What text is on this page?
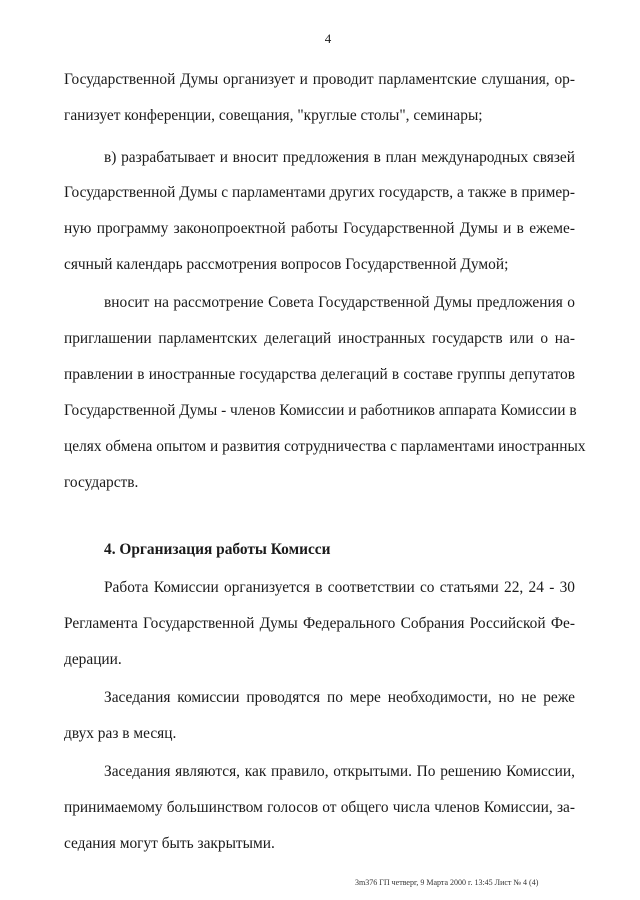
4
Государственной Думы организует и проводит парламентские слушания, ор-
ганизует конференции, совещания, "круглые столы", семинары;
в) разрабатывает и вносит предложения в план международных связей
Государственной Думы с парламентами других государств, а также в пример-
ную программу законопроектной работы Государственной Думы и в ежеме-
сячный календарь рассмотрения вопросов Государственной Думой;
вносит на рассмотрение Совета Государственной Думы предложения о
приглашении парламентских делегаций иностранных государств или о на-
правлении в иностранные государства делегаций в составе группы депутатов
Государственной Думы - членов Комиссии и работников аппарата Комиссии в
целях обмена опытом и развития сотрудничества с парламентами иностранных
государств.
4. Организация работы Комисси
Работа Комиссии организуется в соответствии со статьями 22, 24 - 30
Регламента Государственной Думы Федерального Собрания Российской Фе-
дерации.
Заседания комиссии проводятся по мере необходимости, но не реже
двух раз в месяц.
Заседания являются, как правило, открытыми. По решению Комиссии,
принимаемому большинством голосов от общего числа членов Комиссии, за-
седания могут быть закрытыми.
3m376 ГП четверг, 9 Марта 2000 г. 13:45 Лист № 4 (4)
